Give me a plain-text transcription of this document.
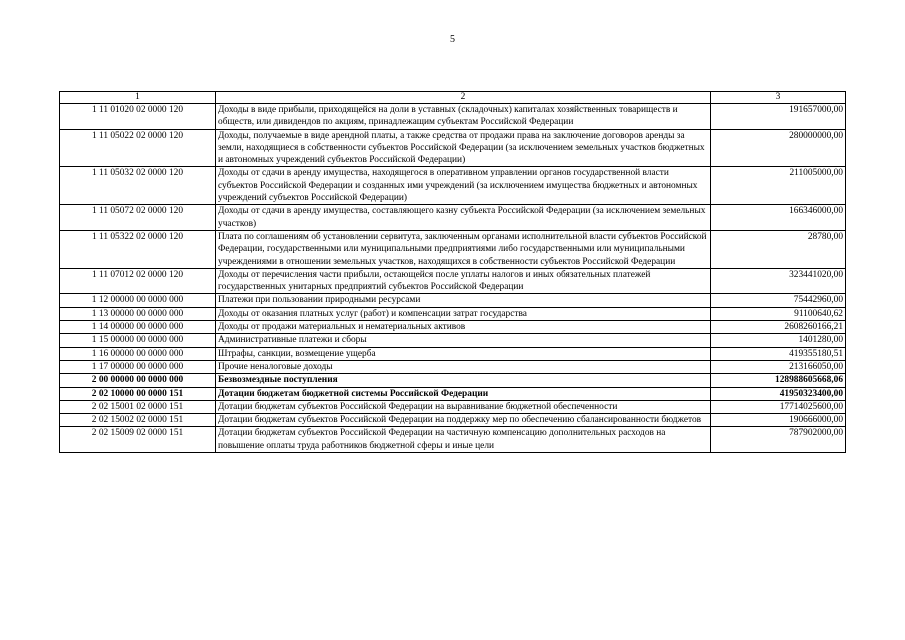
5
1	2	3
1 11 01020 02 0000 120	Доходы в виде прибыли, приходящейся на доли в уставных (складочных) капиталах хозяйственных товариществ и обществ, или дивидендов по акциям, принадлежащим субъектам Российской Федерации	191657000,00
1 11 05022 02 0000 120	Доходы, получаемые в виде арендной платы, а также средства от продажи права на заключение договоров аренды за земли, находящиеся в собственности субъектов Российской Федерации (за исключением земельных участков бюджетных и автономных учреждений субъектов Российской Федерации)	280000000,00
1 11 05032 02 0000 120	Доходы от сдачи в аренду имущества, находящегося в оперативном управлении органов государственной власти субъектов Российской Федерации и созданных ими учреждений (за исключением имущества бюджетных и автономных учреждений субъектов Российской Федерации)	211005000,00
1 11 05072 02 0000 120	Доходы от сдачи в аренду имущества, составляющего казну субъекта Российской Федерации (за исключением земельных участков)	166346000,00
1 11 05322 02 0000 120	Плата по соглашениям об установлении сервитута, заключенным органами исполнительной власти субъектов Российской Федерации, государственными или муниципальными предприятиями либо государственными или муниципальными учреждениями в отношении земельных участков, находящихся в собственности субъектов Российской Федерации	28780,00
1 11 07012 02 0000 120	Доходы от перечисления части прибыли, остающейся после уплаты налогов и иных обязательных платежей государственных унитарных предприятий субъектов Российской Федерации	323441020,00
1 12 00000 00 0000 000	Платежи при пользовании природными ресурсами	75442960,00
1 13 00000 00 0000 000	Доходы от оказания платных услуг (работ) и компенсации затрат государства	91100640,62
1 14 00000 00 0000 000	Доходы от продажи материальных и нематериальных активов	2608260166,21
1 15 00000 00 0000 000	Административные платежи и сборы	1401280,00
1 16 00000 00 0000 000	Штрафы, санкции, возмещение ущерба	419355180,51
1 17 00000 00 0000 000	Прочие неналоговые доходы	213166050,00
2 00 00000 00 0000 000	Безвозмездные поступления	128988605668,06
2 02 10000 00 0000 151	Дотации бюджетам бюджетной системы Российской Федерации	41950323400,00
2 02 15001 02 0000 151	Дотации бюджетам субъектов Российской Федерации на выравнивание бюджетной обеспеченности	17714025600,00
2 02 15002 02 0000 151	Дотации бюджетам субъектов Российской Федерации на поддержку мер по обеспечению сбалансированности бюджетов	190666000,00
2 02 15009 02 0000 151	Дотации бюджетам субъектов Российской Федерации на частичную компенсацию дополнительных расходов на повышение оплаты труда работников бюджетной сферы и иные цели	787902000,00
